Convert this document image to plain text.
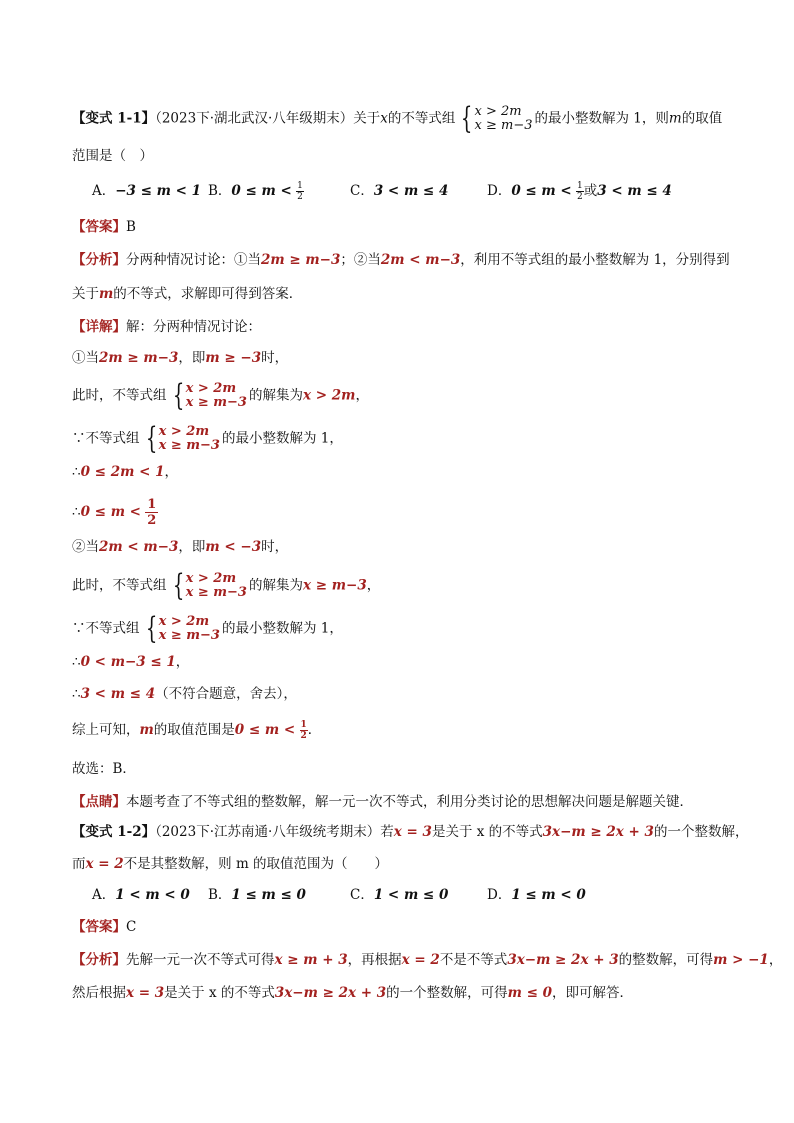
【变式 1-1】（2023下·湖北武汉·八年级期末）关于x的不等式组 { x > 2m
x ≥ m−3 的最小整数解为 1，则m的取值
范围是（　）
A．−3 ≤ m < 1 B．$0 \le m < \frac{1}{2}$	C．3 < m ≤ 4	D．$0 \le m < \frac{1}{2}$ 或3 < m ≤ 4
【答案】B
【分析】分两种情况讨论：①当2m ≥ m−3；②当2m < m−3，利用不等式组的最小整数解为 1，分别得到
关于m的不等式，求解即可得到答案．
【详解】解：分两种情况讨论：
①当2m ≥ m−3，即m ≥ −3时，
此时，不等式组 { x > 2m
x ≥ m−3 的解集为x > 2m，
∵不等式组 { x > 2m
x ≥ m−3 的最小整数解为 1，
∴0 ≤ 2m < 1，
∴0 ≤ $m < \frac{1}{2}$
②当2m < m−3，即m < −3时，
此时，不等式组 { x > 2m
x ≥ m−3 的解集为x ≥ m−3，
∵不等式组 { x > 2m
x ≥ m−3 的最小整数解为 1，
∴0 < m−3 ≤ 1，
∴3 < m ≤ 4（不符合题意，舍去），
综上可知，m的取值范围是$0 \le m < \frac{1}{2}$ ．
故选：B．
【点睛】本题考查了不等式组的整数解，解一元一次不等式，利用分类讨论的思想解决问题是解题关键．
【变式 1-2】（2023下·江苏南通·八年级统考期末）若x = 3是关于 x 的不等式3x−m ≥ 2x + 3的一个整数解，
而x = 2不是其整数解，则 m 的取值范围为（　　）
A．1 < m < 0 B．1 ≤ m ≤ 0	C．1 < m ≤ 0	D．1 ≤ m < 0
【答案】C
【分析】先解一元一次不等式可得x ≥ m + 3，再根据x = 2不是不等式3x−m ≥ 2x + 3的整数解，可得m > −1，
然后根据x = 3是关于 x 的不等式3x−m ≥ 2x + 3的一个整数解，可得m ≤ 0，即可解答．
